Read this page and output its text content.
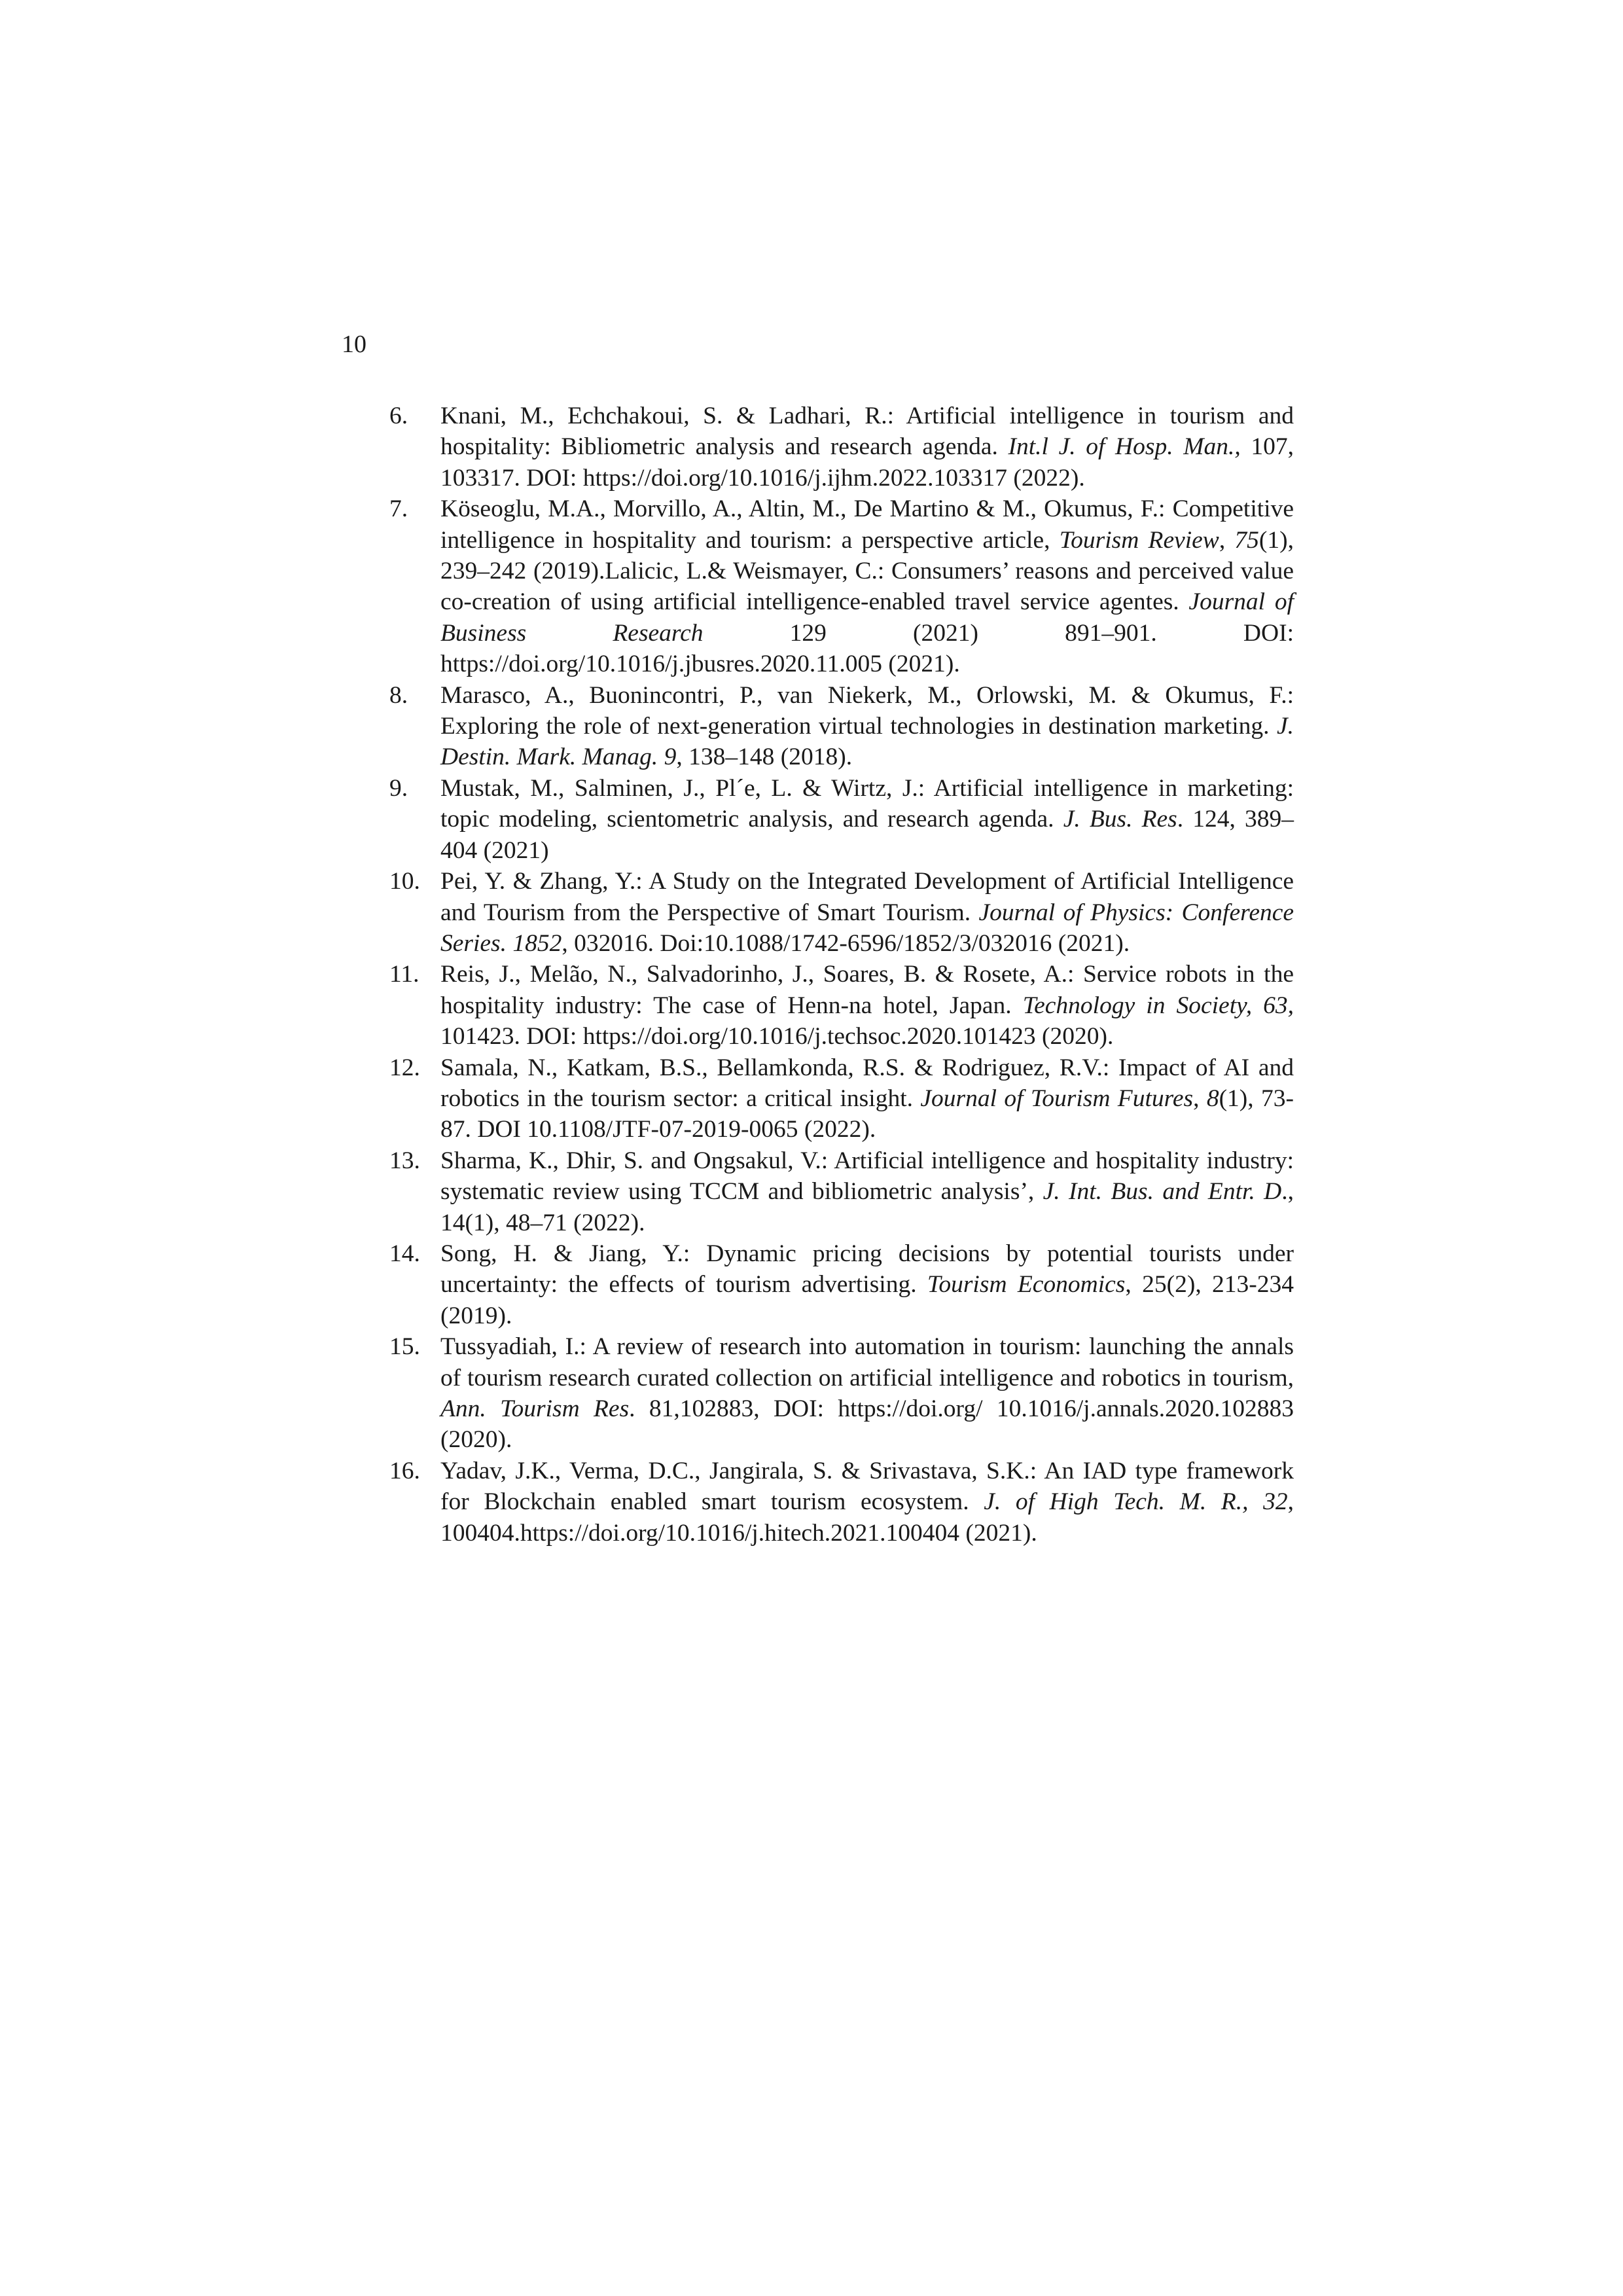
10
6. Knani, M., Echchakoui, S. & Ladhari, R.: Artificial intelligence in tourism and hospitality: Bibliometric analysis and research agenda. Int.l J. of Hosp. Man., 107, 103317. DOI: https://doi.org/10.1016/j.ijhm.2022.103317 (2022).
7. Köseoglu, M.A., Morvillo, A., Altin, M., De Martino & M., Okumus, F.: Competitive intelligence in hospitality and tourism: a perspective article, Tourism Review, 75(1), 239–242 (2019).Lalicic, L.& Weismayer, C.: Consumers’ reasons and perceived value co-creation of using artificial intelligence-enabled travel service agentes. Journal of Business Research 129 (2021) 891–901. DOI: https://doi.org/10.1016/j.jbusres.2020.11.005 (2021).
8. Marasco, A., Buonincontri, P., van Niekerk, M., Orlowski, M. & Okumus, F.: Exploring the role of next-generation virtual technologies in destination marketing. J. Destin. Mark. Manag. 9, 138–148 (2018).
9. Mustak, M., Salminen, J., Pl´e, L. & Wirtz, J.: Artificial intelligence in marketing: topic modeling, scientometric analysis, and research agenda. J. Bus. Res. 124, 389–404 (2021)
10. Pei, Y. & Zhang, Y.: A Study on the Integrated Development of Artificial Intelligence and Tourism from the Perspective of Smart Tourism. Journal of Physics: Conference Series. 1852, 032016. Doi:10.1088/1742-6596/1852/3/032016 (2021).
11. Reis, J., Melão, N., Salvadorinho, J., Soares, B. & Rosete, A.: Service robots in the hospitality industry: The case of Henn-na hotel, Japan. Technology in Society, 63, 101423. DOI: https://doi.org/10.1016/j.techsoc.2020.101423 (2020).
12. Samala, N., Katkam, B.S., Bellamkonda, R.S. & Rodriguez, R.V.: Impact of AI and robotics in the tourism sector: a critical insight. Journal of Tourism Futures, 8(1), 73-87. DOI 10.1108/JTF-07-2019-0065 (2022).
13. Sharma, K., Dhir, S. and Ongsakul, V.: Artificial intelligence and hospitality industry: systematic review using TCCM and bibliometric analysis’, J. Int. Bus. and Entr. D., 14(1), 48–71 (2022).
14. Song, H. & Jiang, Y.: Dynamic pricing decisions by potential tourists under uncertainty: the effects of tourism advertising. Tourism Economics, 25(2), 213-234 (2019).
15. Tussyadiah, I.: A review of research into automation in tourism: launching the annals of tourism research curated collection on artificial intelligence and robotics in tourism, Ann. Tourism Res. 81,102883, DOI: https://doi.org/ 10.1016/j.annals.2020.102883 (2020).
16. Yadav, J.K., Verma, D.C., Jangirala, S. & Srivastava, S.K.: An IAD type framework for Blockchain enabled smart tourism ecosystem. J. of High Tech. M. R., 32, 100404.https://doi.org/10.1016/j.hitech.2021.100404 (2021).
